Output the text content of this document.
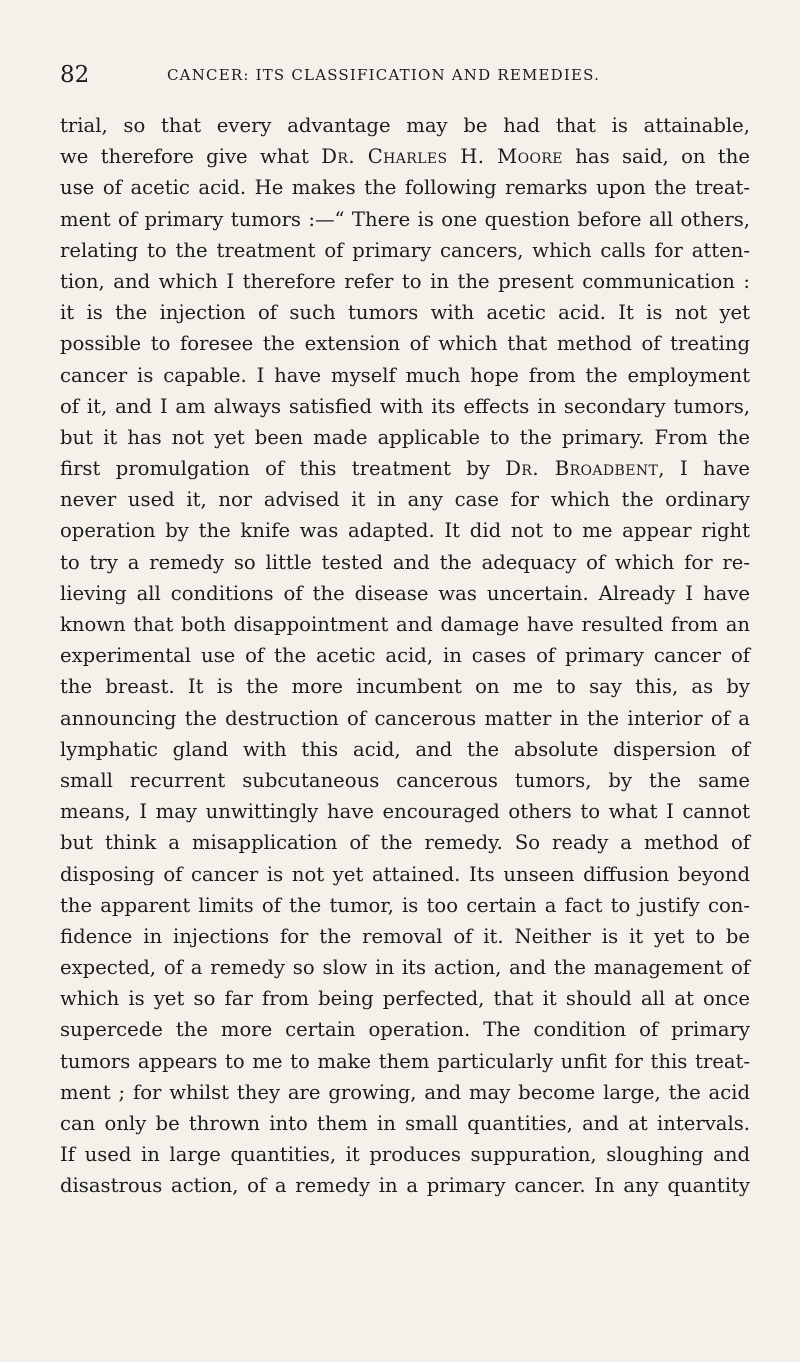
82	CANCER: ITS CLASSIFICATION AND REMEDIES.
trial, so that every advantage may be had that is attainable,
we therefore give what Dr. Charles H. Moore has said, on the
use of acetic acid. He makes the following remarks upon the treat-
ment of primary tumors :—“ There is one question before all others,
relating to the treatment of primary cancers, which calls for atten-
tion, and which I therefore refer to in the present communication :
it is the injection of such tumors with acetic acid. It is not yet
possible to foresee the extension of which that method of treating
cancer is capable. I have myself much hope from the employment
of it, and I am always satisfied with its effects in secondary tumors,
but it has not yet been made applicable to the primary. From the
first promulgation of this treatment by Dr. Broadbent, I have
never used it, nor advised it in any case for which the ordinary
operation by the knife was adapted. It did not to me appear right
to try a remedy so little tested and the adequacy of which for re-
lieving all conditions of the disease was uncertain. Already I have
known that both disappointment and damage have resulted from an
experimental use of the acetic acid, in cases of primary cancer of
the breast. It is the more incumbent on me to say this, as by
announcing the destruction of cancerous matter in the interior of a
lymphatic gland with this acid, and the absolute dispersion of
small recurrent subcutaneous cancerous tumors, by the same
means, I may unwittingly have encouraged others to what I cannot
but think a misapplication of the remedy. So ready a method of
disposing of cancer is not yet attained. Its unseen diffusion beyond
the apparent limits of the tumor, is too certain a fact to justify con-
fidence in injections for the removal of it. Neither is it yet to be
expected, of a remedy so slow in its action, and the management of
which is yet so far from being perfected, that it should all at once
supercede the more certain operation. The condition of primary
tumors appears to me to make them particularly unfit for this treat-
ment ; for whilst they are growing, and may become large, the acid
can only be thrown into them in small quantities, and at intervals.
If used in large quantities, it produces suppuration, sloughing and
disastrous action, of a remedy in a primary cancer. In any quantity
